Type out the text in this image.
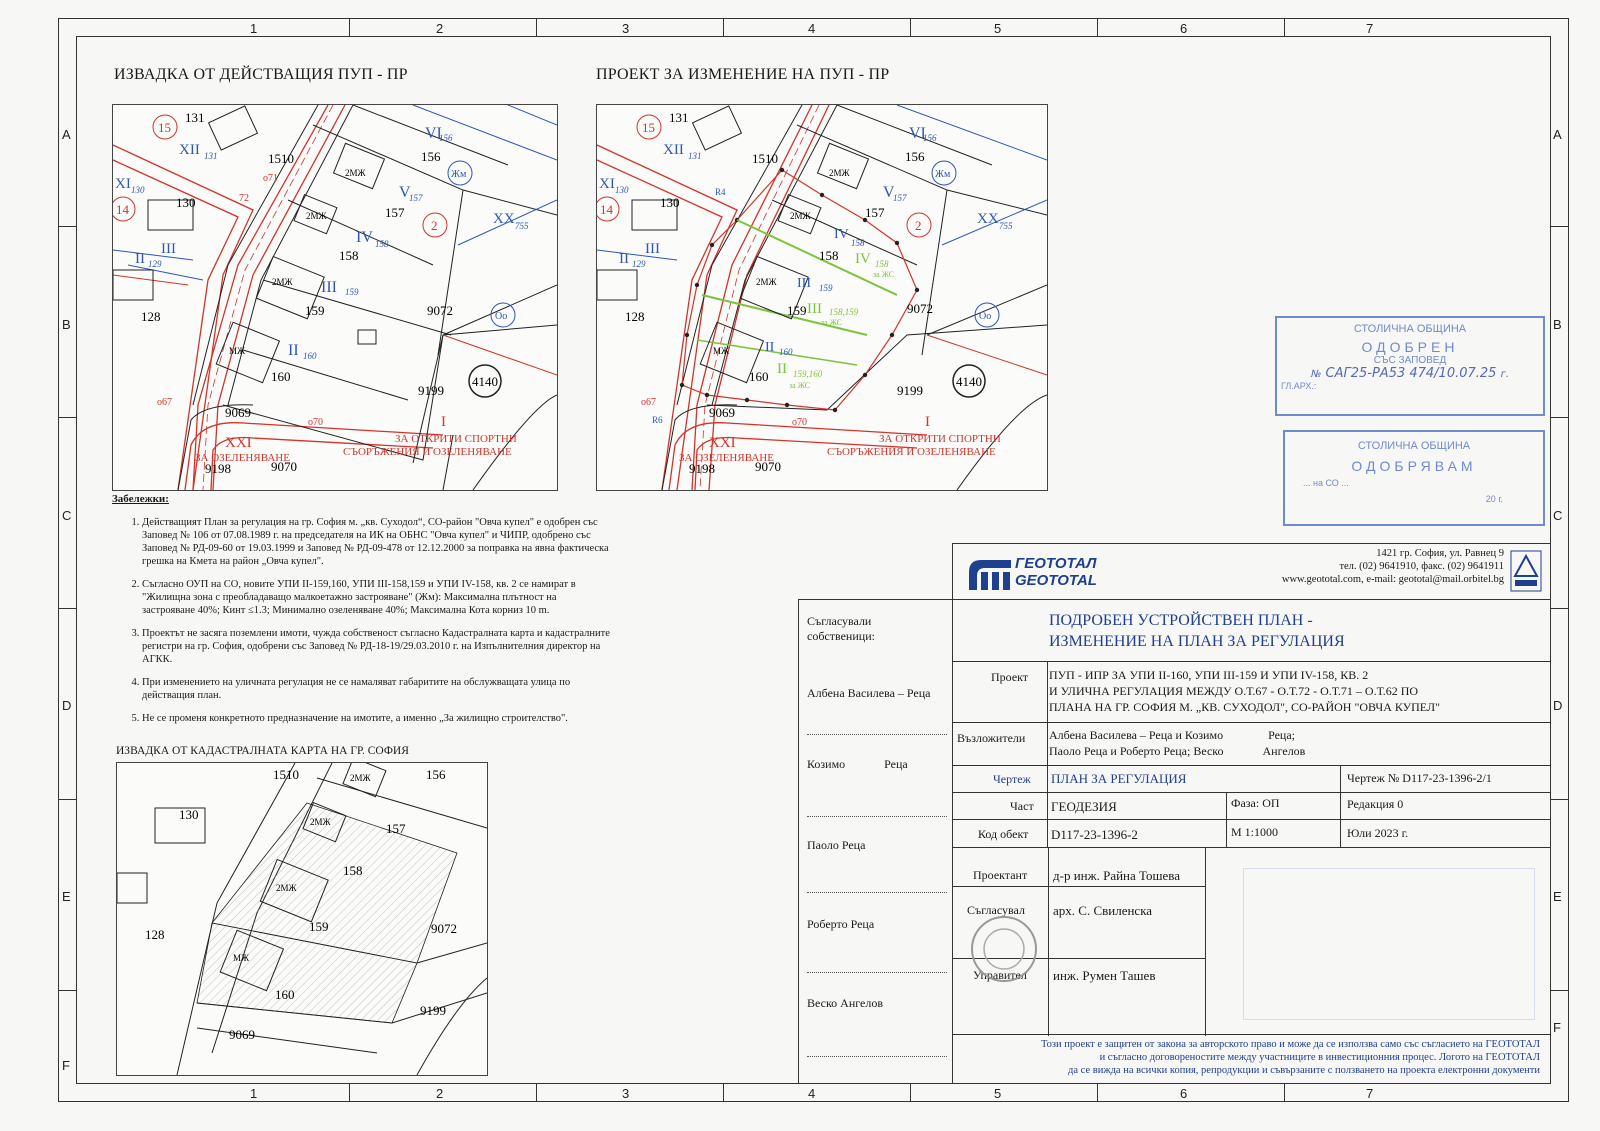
1	2	3	4	5	6	7
1	2	3	4	5	6	7
A
B
C
D
E
F
A
B
C
D
E
F
ИЗВАДКА ОТ ДЕЙСТВАЩИЯ ПУП - ПР	ПРОЕКТ ЗА ИЗМЕНЕНИЕ НА ПУП - ПР
131
1510	156
157
158
159
160
130
128	9072
9199
9069
9198	9070
15
14
2
4140
Жм
Оо
2МЖ
2МЖ
2МЖ
МЖ
VI
156
V
157
IV 158
III 159
II 160
XII 131
XI 130
III
II 129
XX 755
XXI
ЗА ОЗЕЛЕНЯВАНЕ
I
ЗА ОТКРИТИ СПОРТНИ
СЪОРЪЖЕНИЯ И ОЗЕЛЕНЯВАНЕ
о71
72
о67
о70
131
1510	156
157
158
159
160
130
128
9072
9199
9069
9198	9070
15
14
2
4140
Жм
Оо
2МЖ
2МЖ
2МЖ
МЖ
VI
156
V
157
IV
158
III 159
II 160
IV 158
за ЖС
III 158,159
за ЖС
II 159,160
за ЖС
XII 131
XI 130
III
II 129
XX 755
XXI
ЗА ОЗЕЛЕНЯВАНЕ
I
ЗА ОТКРИТИ СПОРТНИ
СЪОРЪЖЕНИЯ И ОЗЕЛЕНЯВАНЕ
R4
R6
о67
о70
СТОЛИЧНА ОБЩИНА
ОДОБРЕН
СЪС ЗАПОВЕД
№ САГ25-РА53 474/10.07.25 г.
ГЛ.АРХ.:
СТОЛИЧНА ОБЩИНА
ОДОБРЯВАМ
... на СО ...
20 г.
Забележки:
1. Действащият План за регулация на гр. София м. „кв. Суходол“, СО-район "Овча купел" е одобрен със Заповед № 106 от 07.08.1989 г. на председателя на ИК на ОБНС "Овча купел" и ЧИПР, одобрено със Заповед № РД-09-60 от 19.03.1999 и Заповед № РД-09-478 от 12.12.2000 за поправка на явна фактическа грешка на Кмета на район „Овча купел".
2. Съгласно ОУП на СО, новите УПИ II-159,160, УПИ III-158,159 и УПИ IV-158, кв. 2 се намират в "Жилищна зона с преобладаващо малкоетажно застрояване" (Жм): Максимална плътност на застрояване 40%; Кинт ≤1.3; Минимално озеленяване 40%; Максимална Кота корниз 10 m.
3. Проектът не засяга поземлени имоти, чужда собственост съгласно Кадастралната карта и кадастралните регистри на гр. София, одобрени със Заповед № РД-18-19/29.03.2010 г. на Изпълнителния директор на АГКК.
4. При изменението на уличната регулация не се намаляват габаритите на обслужващата улица по действащия план.
5. Не се променя конкретното предназначение на имотите, а именно „За жилищно строителство".
ИЗВАДКА ОТ КАДАСТРАЛНАТА КАРТА НА ГР. СОФИЯ
1510	156
157
158
159
160
130
128	9072
9199
9069
2МЖ
2МЖ
2МЖ
МЖ
ГЕОТОТАЛ
GEOTOTAL
1421 гр. София, ул. Равнец 9
тел. (02) 9641910, факс. (02) 9641911
www.geototal.com, e-mail: geototal@mail.orbitel.bg
ПОДРОБЕН УСТРОЙСТВЕН ПЛАН -
ИЗМЕНЕНИЕ НА ПЛАН ЗА РЕГУЛАЦИЯ
Проект ПУП - ИПР ЗА УПИ II-160, УПИ III-159 И УПИ IV-158, КВ. 2
И УЛИЧНА РЕГУЛАЦИЯ МЕЖДУ О.Т.67 - О.Т.72 - О.Т.71 – О.Т.62 ПО
ПЛАНА НА ГР. СОФИЯ М. „КВ. СУХОДОЛ", СО-РАЙОН "ОВЧА КУПЕЛ"
Възложители Албена Василева – Реца и Козимо               Реца;
Паоло Реца и Роберто Реца; Веско             Ангелов
Чертеж ПЛАН ЗА РЕГУЛАЦИЯ	Чертеж № D117-23-1396-2/1
Част ГЕОДЕЗИЯ	Фаза: ОП	Редакция 0
Код обект D117-23-1396-2	М 1:1000	Юли 2023 г.
Проектант д-р инж. Райна Тошева
Съгласувал арх. С. Свиленска
Управител инж. Румен Ташев
Този проект е защитен от закона за авторското право и може да се използва само със съгласието на ГЕОТОТАЛ
и съгласно договореностите между участниците в инвестиционния процес. Логото на ГЕОТОТАЛ
да се вижда на всички копия, репродукции и съвързаните с ползването на проекта електронни документи
Съгласували собственици:
Албена Василева – Реца
Козимо             Реца
Паоло Реца
Роберто Реца
Веско Ангелов
